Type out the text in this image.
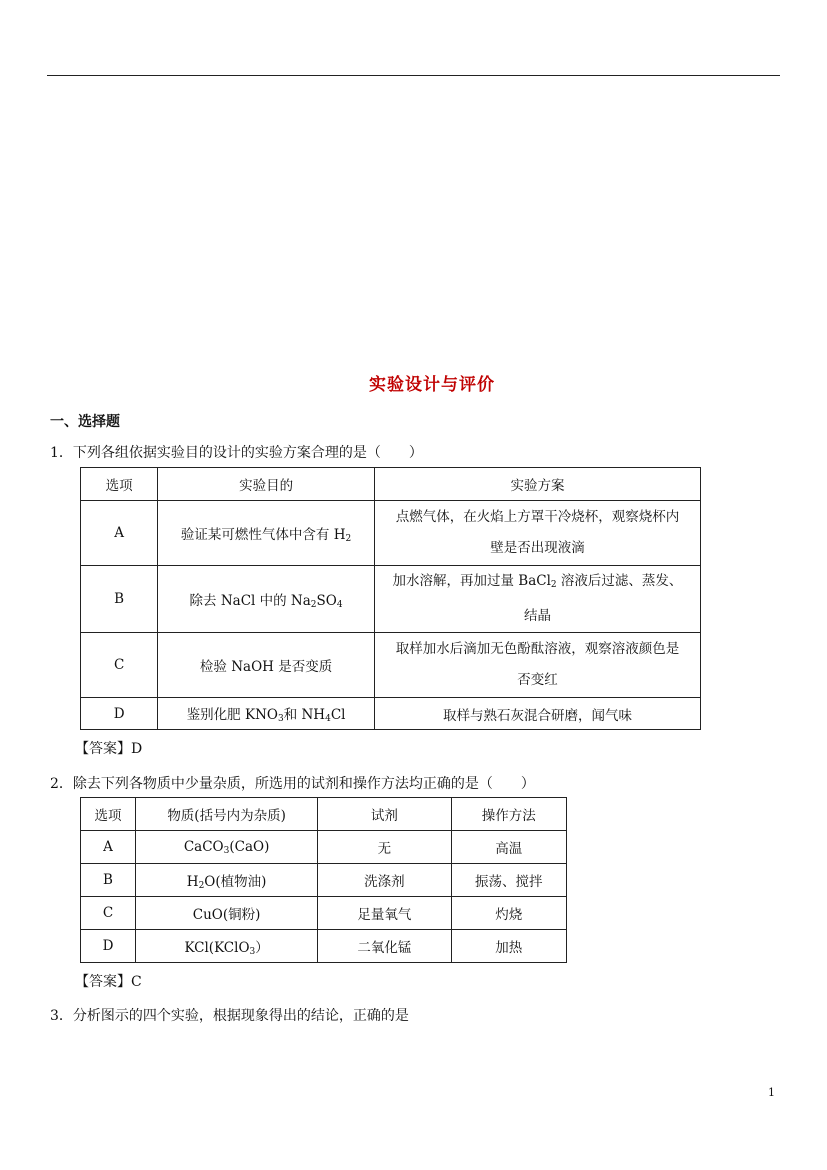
实验设计与评价
一、选择题
1．下列各组依据实验目的设计的实验方案合理的是（　　）
选项	实验目的	实验方案
A	验证某可燃性气体中含有 $H_2$	点燃气体，在火焰上方罩干冷烧杯，观察烧杯内
壁是否出现液滴
B	除去 NaCl 中的 $Na_2SO_4$	加水溶解，再加过量 BaCl$_2$ 溶液后过滤、蒸发、
结晶
C	检验 NaOH 是否变质	取样加水后滴加无色酚酞溶液，观察溶液颜色是
否变红
D	鉴别化肥 $KNO_3$和 $NH_4Cl$	取样与熟石灰混合研磨，闻气味
【答案】D
2．除去下列各物质中少量杂质，所选用的试剂和操作方法均正确的是（　　）
选项	物质(括号内为杂质)	试剂	操作方法
A	CaCO$_3$(CaO)	无	高温
B	$H_2O$(植物油)	洗涤剂	振荡、搅拌
C	CuO(铜粉)	足量氧气	灼烧
D	KCl(KClO$_3$）	二氧化锰	加热
【答案】C
3．分析图示的四个实验，根据现象得出的结论，正确的是
1
